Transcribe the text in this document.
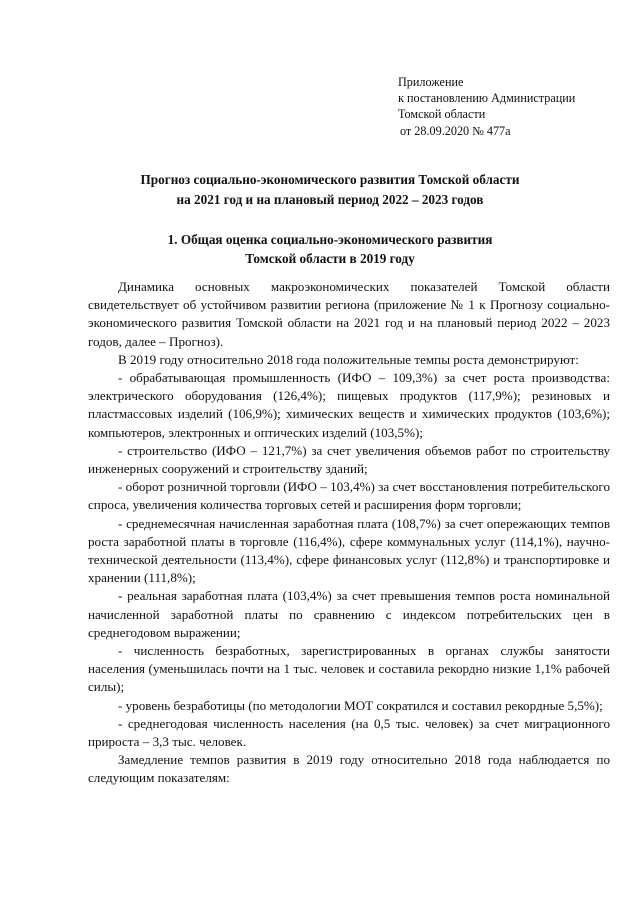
Приложение
к постановлению Администрации
Томской области
от 28.09.2020 № 477а
Прогноз социально-экономического развития Томской области
на 2021 год и на плановый период 2022 – 2023 годов
1. Общая оценка социально-экономического развития
Томской области в 2019 году

Динамика основных макроэкономических показателей Томской области свидетельствует об устойчивом развитии региона (приложение № 1 к Прогнозу социально-экономического развития Томской области на 2021 год и на плановый период 2022 – 2023 годов, далее – Прогноз).

В 2019 году относительно 2018 года положительные темпы роста демонстрируют:

- обрабатывающая промышленность (ИФО – 109,3%) за счет роста производства: электрического оборудования (126,4%); пищевых продуктов (117,9%); резиновых и пластмассовых изделий (106,9%); химических веществ и химических продуктов (103,6%); компьютеров, электронных и оптических изделий (103,5%);

- строительство (ИФО – 121,7%) за счет увеличения объемов работ по строительству инженерных сооружений и строительству зданий;

- оборот розничной торговли (ИФО – 103,4%) за счет восстановления потребительского спроса, увеличения количества торговых сетей и расширения форм торговли;

- среднемесячная начисленная заработная плата (108,7%) за счет опережающих темпов роста заработной платы в торговле (116,4%), сфере коммунальных услуг (114,1%), научно-технической деятельности (113,4%), сфере финансовых услуг (112,8%) и транспортировке и хранении (111,8%);

- реальная заработная плата (103,4%) за счет превышения темпов роста номинальной начисленной заработной платы по сравнению с индексом потребительских цен в среднегодовом выражении;

- численность безработных, зарегистрированных в органах службы занятости населения (уменьшилась почти на 1 тыс. человек и составила рекордно низкие 1,1% рабочей силы);

- уровень безработицы (по методологии МОТ сократился и составил рекордные 5,5%);

- среднегодовая численность населения (на 0,5 тыс. человек) за счет миграционного прироста – 3,3 тыс. человек.

Замедление темпов развития в 2019 году относительно 2018 года наблюдается по следующим показателям:
